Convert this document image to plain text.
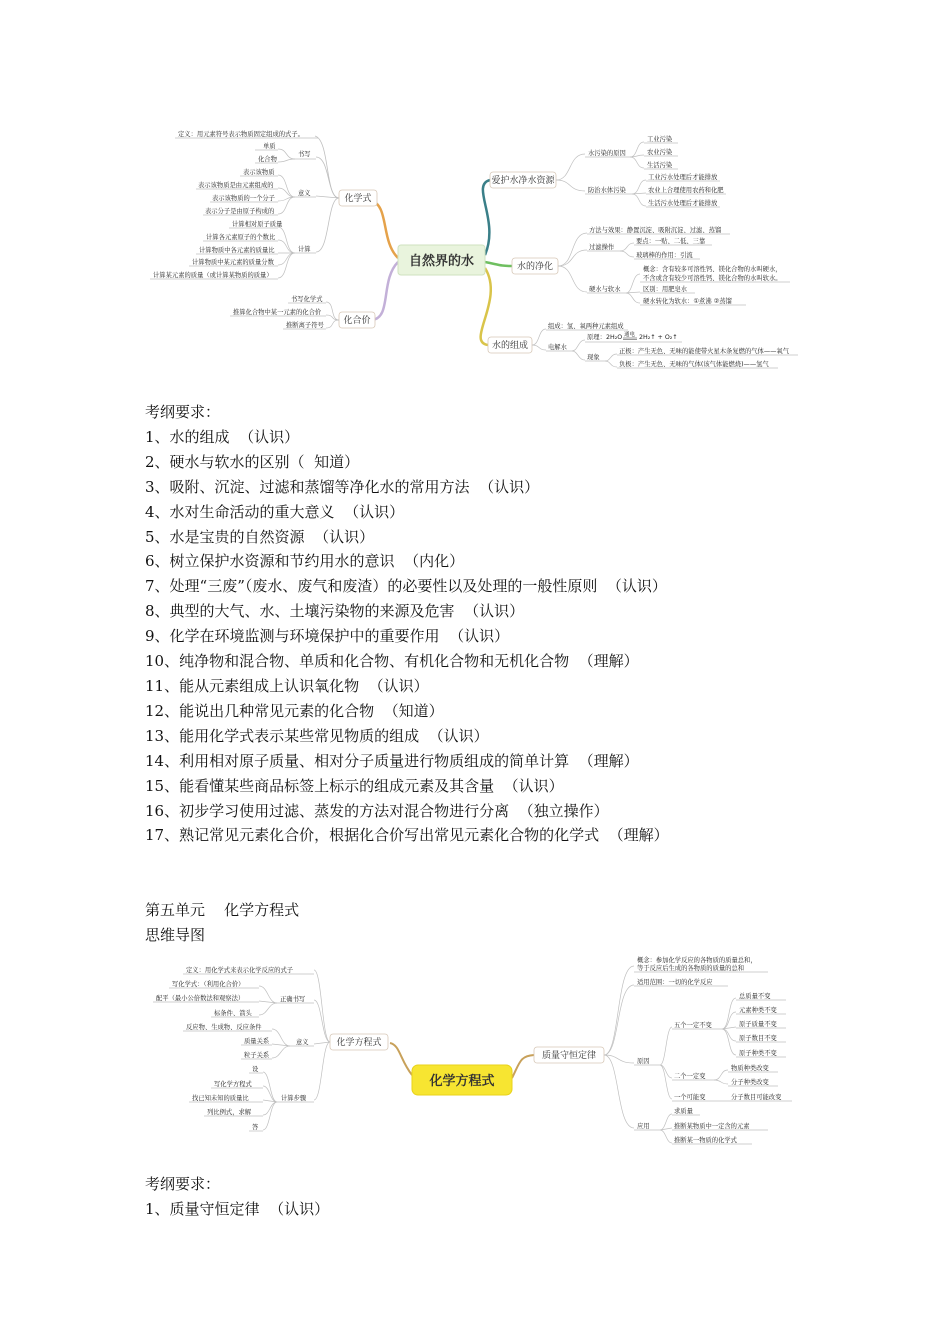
自然界的水
化学式
定义：用元素符号表示物质固定组成的式子。
书写
单质
化合物
意义
表示该物质
表示该物质是由元素组成的
表示该物质的一个分子
表示分子是由原子构成的
计算
计算相对原子质量
计算各元素原子的个数比
计算物质中各元素的质量比
计算物质中某元素的质量分数
计算某元素的质量（或计算某物质的质量）
化合价
书写化学式
推算化合物中某一元素的化合价
推断离子符号
爱护水净水资源
水污染的原因
工业污染
农业污染
生活污染
防治水体污染
工业污水处理后才能排放
农业上合理使用农药和化肥
生活污水处理后才能排放
水的净化
方法与效果：静置沉淀、吸附沉淀、过滤、蒸馏
过滤操作
要点：一贴、二低、三靠
玻璃棒的作用：引流
硬水与软水
概念：含有较多可溶性钙、镁化合物的水叫硬水，
不含或含有较少可溶性钙、镁化合物的水叫软水。
区别：用肥皂水
硬水转化为软水：①煮沸 ②蒸馏
水的组成
组成：氢、氧两种元素组成
电解水
原理： 2H₂O 通电 2H₂↑ + O₂↑
现象
正极：产生无色、无味的能使带火星木条复燃的气体——氧气
负极：产生无色、无味的气体(该气体能燃烧)——氢气
考纲要求：
1、水的组成  （认识）
2、硬水与软水的区别（  知道）
3、吸附、沉淀、过滤和蒸馏等净化水的常用方法  （认识）
4、水对生命活动的重大意义  （认识）
5、水是宝贵的自然资源  （认识）
6、树立保护水资源和节约用水的意识  （内化）
7、处理“三废”（废水、废气和废渣）的必要性以及处理的一般性原则  （认识）
8、典型的大气、水、土壤污染物的来源及危害  （认识）
9、化学在环境监测与环境保护中的重要作用  （认识）
10、纯净物和混合物、单质和化合物、有机化合物和无机化合物  （理解）
11、能从元素组成上认识氧化物  （认识）
12、能说出几种常见元素的化合物  （知道）
13、能用化学式表示某些常见物质的组成  （认识）
14、利用相对原子质量、相对分子质量进行物质组成的简单计算  （理解）
15、能看懂某些商品标签上标示的组成元素及其含量  （认识）
16、初步学习使用过滤、蒸发的方法对混合物进行分离  （独立操作）
17、熟记常见元素化合价，根据化合价写出常见元素化合物的化学式  （理解）
第五单元    化学方程式
思维导图
化学方程式
化学方程式
定义：用化学式来表示化学反应的式子
正确书写
写化学式：（利用化合价）
配平（最小公倍数法和观察法）
标条件、箭头
意义
反应物、生成物、反应条件
质量关系
粒子关系
计算步骤
设
写化学方程式
找已知未知的质量比
列比例式，求解
答
质量守恒定律
概念：参加化学反应的各物质的质量总和，
等于反应后生成的各物质的质量的总和
适用范围：一切的化学反应
原因
五个一定不变
总质量不变
元素种类不变
原子质量不变
原子数目不变
原子种类不变
二个一定变
物质种类改变
分子种类改变
一个可能变	分子数目可能改变
应用
求质量
推断某物质中一定含的元素
推断某一物质的化学式
考纲要求：
1、质量守恒定律  （认识）
